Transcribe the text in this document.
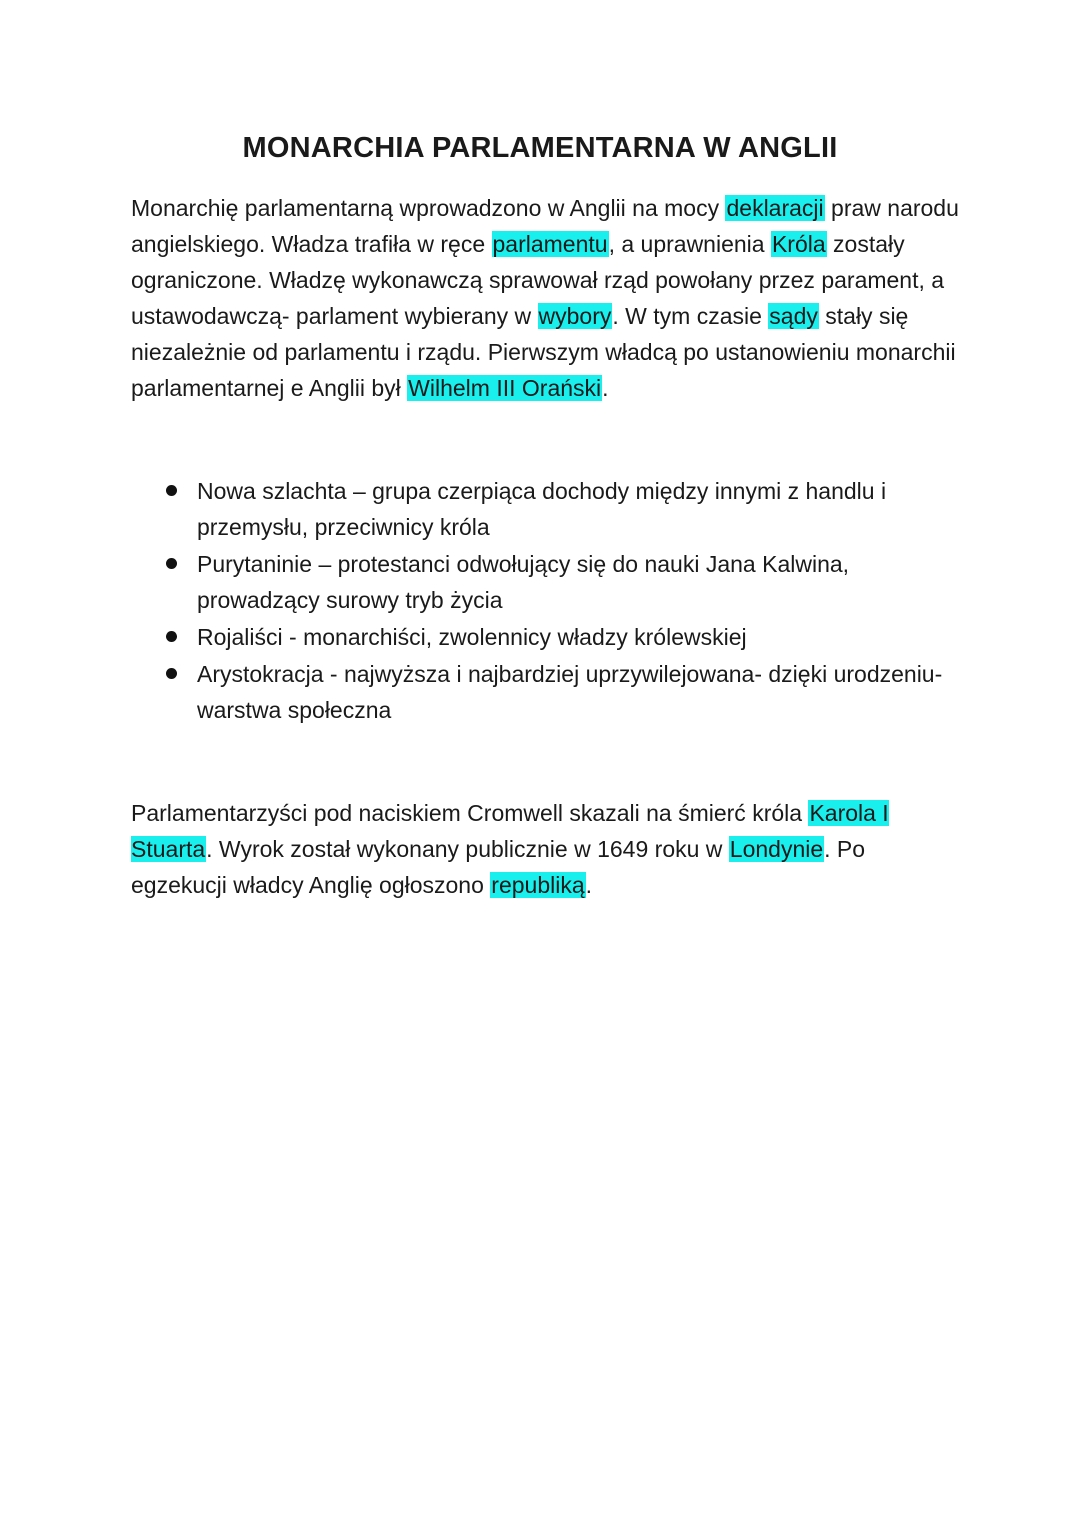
MONARCHIA PARLAMENTARNA W ANGLII

Monarchię parlamentarną wprowadzono w Anglii na mocy deklaracji praw narodu angielskiego. Władza trafiła w ręce parlamentu, a uprawnienia Króla zostały ograniczone. Władzę wykonawczą sprawował rząd powołany przez parament, a ustawodawczą- parlament wybierany w wybory. W tym czasie sądy stały się niezależnie od parlamentu i rządu. Pierwszym władcą po ustanowieniu monarchii parlamentarnej e Anglii był Wilhelm III Orański.

Nowa szlachta – grupa czerpiąca dochody między innymi z handlu i przemysłu, przeciwnicy króla
Purytaninie – protestanci odwołujący się do nauki Jana Kalwina, prowadzący surowy tryb życia
Rojaliści - monarchiści, zwolennicy władzy królewskiej
Arystokracja - najwyższa i najbardziej uprzywilejowana- dzięki urodzeniu- warstwa społeczna

Parlamentarzyści pod naciskiem Cromwell skazali na śmierć króla Karola I Stuarta. Wyrok został wykonany publicznie w 1649 roku w Londynie. Po egzekucji władcy Anglię ogłoszono republiką.
